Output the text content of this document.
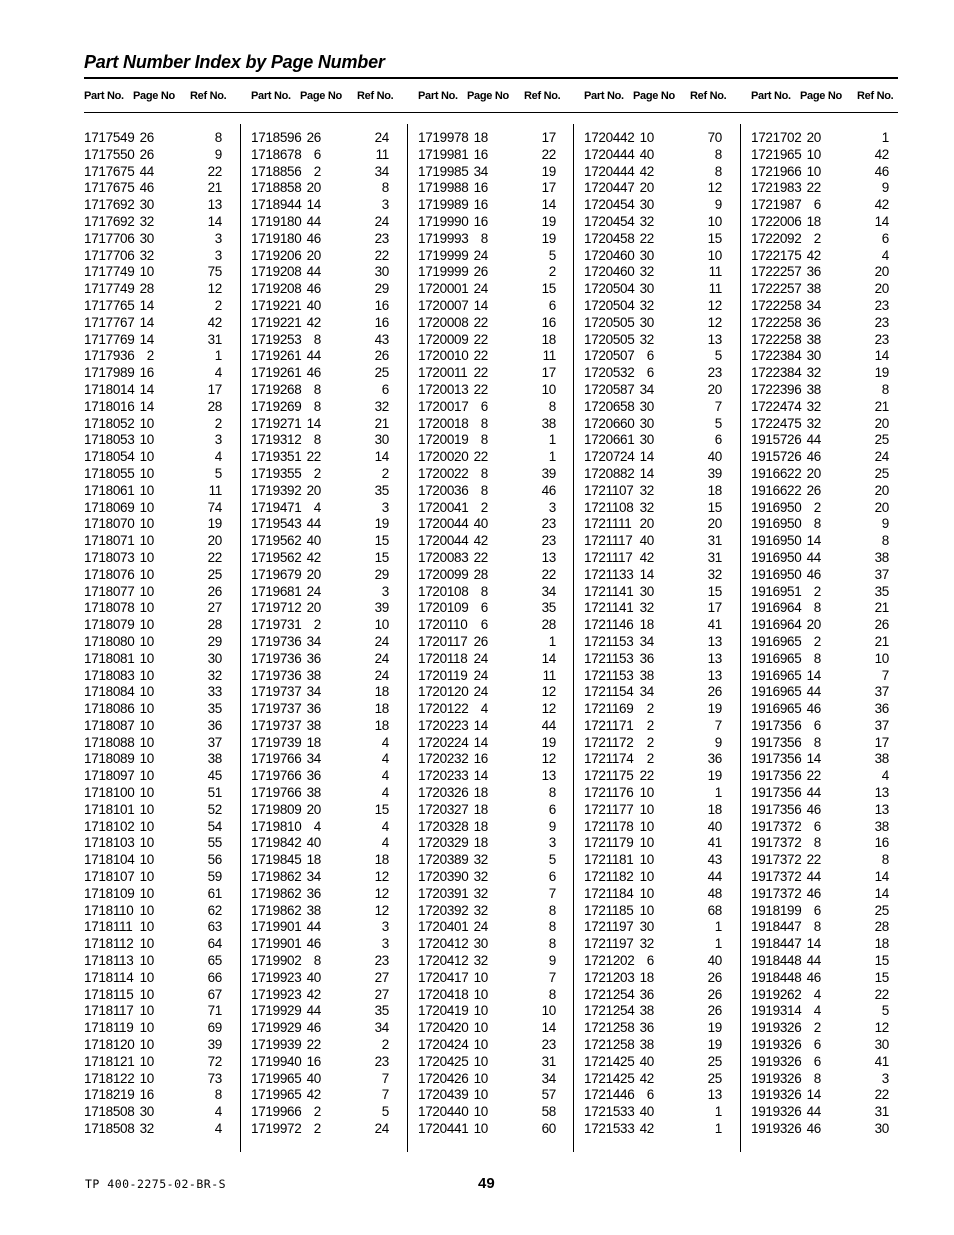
Part Number Index by Page Number
Part No. Page No Ref No. Part No. Page No Ref No. Part No. Page No Ref No. Part No. Page No Ref No. Part No. Page No Ref No.
1717549 26	8
1717550 26	9
1717675 44	22
1717675 46	21
1717692 30	13
1717692 32	14
1717706 30	3
1717706 32	3
1717749 10	75
1717749 28	12
1717765 14	2
1717767 14	42
1717769 14	31
1717936 2	1
1717989 16	4
1718014 14	17
1718016 14	28
1718052 10	2
1718053 10	3
1718054 10	4
1718055 10	5
1718061 10	11
1718069 10	74
1718070 10	19
1718071 10	20
1718073 10	22
1718076 10	25
1718077 10	26
1718078 10	27
1718079 10	28
1718080 10	29
1718081 10	30
1718083 10	32
1718084 10	33
1718086 10	35
1718087 10	36
1718088 10	37
1718089 10	38
1718097 10	45
1718100 10	51
1718101 10	52
1718102 10	54
1718103 10	55
1718104 10	56
1718107 10	59
1718109 10	61
1718110 10	62
1718111 10	63
1718112 10	64
1718113 10	65
1718114 10	66
1718115 10	67
1718117 10	71
1718119 10	69
1718120 10	39
1718121 10	72
1718122 10	73
1718219 16	8
1718508 30	4
1718508 32	4
1718596 26	24
1718678 6	11
1718856 2	34
1718858 20	8
1718944 14	3
1719180 44	24
1719180 46	23
1719206 20	22
1719208 44	30
1719208 46	29
1719221 40	16
1719221 42	16
1719253 8	43
1719261 44	26
1719261 46	25
1719268 8	6
1719269 8	32
1719271 14	21
1719312 8	30
1719351 22	14
1719355 2	2
1719392 20	35
1719471 4	3
1719543 44	19
1719562 40	15
1719562 42	15
1719679 20	29
1719681 24	3
1719712 20	39
1719731 2	10
1719736 34	24
1719736 36	24
1719736 38	24
1719737 34	18
1719737 36	18
1719737 38	18
1719739 18	4
1719766 34	4
1719766 36	4
1719766 38	4
1719809 20	15
1719810 4	4
1719842 40	4
1719845 18	18
1719862 34	12
1719862 36	12
1719862 38	12
1719901 44	3
1719901 46	3
1719902 8	23
1719923 40	27
1719923 42	27
1719929 44	35
1719929 46	34
1719939 22	2
1719940 16	23
1719965 40	7
1719965 42	7
1719966 2	5
1719972 2	24
1719978 18	17
1719981 16	22
1719985 34	19
1719988 16	17
1719989 16	14
1719990 16	19
1719993 8	19
1719999 24	5
1719999 26	2
1720001 24	15
1720007 14	6
1720008 22	16
1720009 22	18
1720010 22	11
1720011 22	17
1720013 22	10
1720017 6	8
1720018 8	38
1720019 8	1
1720020 22	1
1720022 8	39
1720036 8	46
1720041 2	3
1720044 40	23
1720044 42	23
1720083 22	13
1720099 28	22
1720108 8	34
1720109 6	35
1720110 6	28
1720117 26	1
1720118 24	14
1720119 24	11
1720120 24	12
1720122 4	12
1720223 14	44
1720224 14	19
1720232 16	12
1720233 14	13
1720326 18	8
1720327 18	6
1720328 18	9
1720329 18	3
1720389 32	5
1720390 32	6
1720391 32	7
1720392 32	8
1720401 24	8
1720412 30	8
1720412 32	9
1720417 10	7
1720418 10	8
1720419 10	10
1720420 10	14
1720424 10	23
1720425 10	31
1720426 10	34
1720439 10	57
1720440 10	58
1720441 10	60
1720442 10	70
1720444 40	8
1720444 42	8
1720447 20	12
1720454 30	9
1720454 32	10
1720458 22	15
1720460 30	10
1720460 32	11
1720504 30	11
1720504 32	12
1720505 30	12
1720505 32	13
1720507 6	5
1720532 6	23
1720587 34	20
1720658 30	7
1720660 30	5
1720661 30	6
1720724 14	40
1720882 14	39
1721107 32	18
1721108 32	15
1721111 20	20
1721117 40	31
1721117 42	31
1721133 14	32
1721141 30	15
1721141 32	17
1721146 18	41
1721153 34	13
1721153 36	13
1721153 38	13
1721154 34	26
1721169 2	19
1721171 2	7
1721172 2	9
1721174 2	36
1721175 22	19
1721176 10	1
1721177 10	18
1721178 10	40
1721179 10	41
1721181 10	43
1721182 10	44
1721184 10	48
1721185 10	68
1721197 30	1
1721197 32	1
1721202 6	40
1721203 18	26
1721254 36	26
1721254 38	26
1721258 36	19
1721258 38	19
1721425 40	25
1721425 42	25
1721446 6	13
1721533 40	1
1721533 42	1
1721702 20	1
1721965 10	42
1721966 10	46
1721983 22	9
1721987 6	42
1722006 18	14
1722092 2	6
1722175 42	4
1722257 36	20
1722257 38	20
1722258 34	23
1722258 36	23
1722258 38	23
1722384 30	14
1722384 32	19
1722396 38	8
1722474 32	21
1722475 32	20
1915726 44	25
1915726 46	24
1916622 20	25
1916622 26	20
1916950 2	20
1916950 8	9
1916950 14	8
1916950 44	38
1916950 46	37
1916951 2	35
1916964 8	21
1916964 20	26
1916965 2	21
1916965 8	10
1916965 14	7
1916965 44	37
1916965 46	36
1917356 6	37
1917356 8	17
1917356 14	38
1917356 22	4
1917356 44	13
1917356 46	13
1917372 6	38
1917372 8	16
1917372 22	8
1917372 44	14
1917372 46	14
1918199 6	25
1918447 8	28
1918447 14	18
1918448 44	15
1918448 46	15
1919262 4	22
1919314 4	5
1919326 2	12
1919326 6	30
1919326 6	41
1919326 8	3
1919326 14	22
1919326 44	31
1919326 46	30
TP 400-2275-02-BR-S	49
